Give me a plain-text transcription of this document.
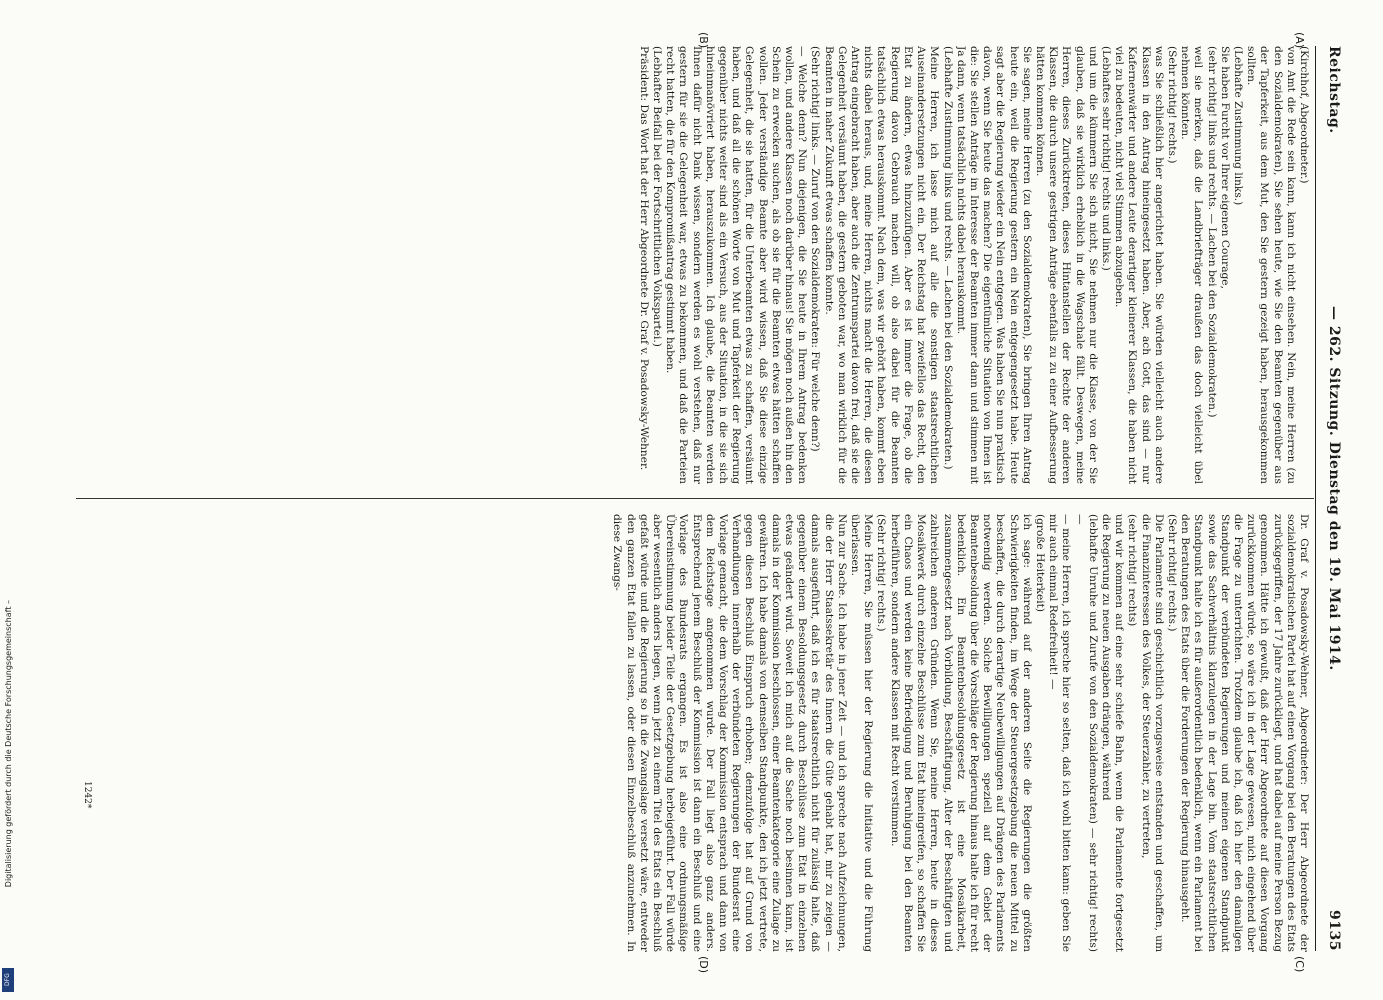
Reichstag.
— 262. Sitzung. Dienstag den 19. Mai 1914.
9135
(A)
(B)
(C)
(D)
(Kirchhof, Abgeordneter.)
von Amt die Rede sein kann, kann ich nicht einsehen. Nein, meine Herren (zu den Sozialdemokraten), Sie sehen heute, wie Sie den Beamten gegenüber aus der Tapferkeit, aus dem Mut, den Sie gestern gezeigt haben, herausgekommen sollten.
(Lebhafte Zustimmung links.)
Sie haben Furcht vor Ihrer eigenen Courage,
(sehr richtig! links und rechts. — Lachen bei den Sozialdemokraten.)
weil sie merken, daß die Landbriefträger draußen das doch vielleicht übel nehmen könnten.
(Sehr richtig! rechts.)
was Sie schließlich hier angerichtet haben. Sie würden vielleicht auch andere Klassen in den Antrag hineingesetzt haben. Aber, ach Gott, das sind — nur Kafernenwärter und andere Leute derartiger kleinerer Klassen, die haben nicht viel zu bedeuten, nicht viel Stimmen abzugeben.
(Lebhaftes sehr richtig! rechts und links.)
und um die kümmern Sie sich nicht, Sie nehmen nur die Klasse, von der Sie glauben, daß sie wirklich erheblich in die Wagschale fällt. Deswegen, meine Herren, dieses Zurücktreten, dieses Hintanstellen der Rechte der anderen Klassen, die durch unsere gestrigen Anträge ebenfalls zu zu einer Aufbesserung hätten kommen können.
Sie sagen, meine Herren (zu den Sozialdemokraten), Sie bringen Ihren Antrag heute ein, weil die Regierung gestern ein Nein entgegengesetzt habe. Heute sagt aber die Regierung wieder ein Nein entgegen. Was haben Sie nun praktisch davon, wenn Sie heute das machen? Die eigentümliche Situation von Ihnen ist die: Sie stellen Anträge im Interesse der Beamten immer dann und stimmen mit Ja dann, wenn tatsächlich nichts dabei herauskommt.
(Lebhafte Zustimmung links und rechts. — Lachen bei den Sozialdemokraten.)
Meine Herren, ich lasse mich auf alle die sonstigen staatsrechtlichen Auseinandersetzungen nicht ein. Der Reichstag hat zweifellos das Recht, den Etat zu ändern, etwas hinzuzufügen. Aber es ist immer die Frage, ob die Regierung davon Gebrauch machen will, ob also dabei für die Beamten tatsächlich etwas herauskommt. Nach dem, was wir gehört haben, kommt eben nichts dabei heraus, und, meine Herren, nichts macht die Herren, die diesen Antrag eingebracht haben, aber auch die Zentrumspartei davon frei, daß sie die Gelegenheit versäumt haben, die gestern geboten war, wo man wirklich für die Beamten in naher Zukunft etwas schaffen konnte.
(Sehr richtig! links. — Zuruf von den Sozialdemokraten: Für welche denn?)
— Welche denn? Nun diejenigen, die Sie heute in Ihrem Antrag bedenken wollen, und andere Klassen noch darüber hinaus! Sie mögen noch außen hin den Schein zu erwecken suchen, als ob sie für die Beamten etwas hätten schaffen wollen. Jeder verständige Beamte aber wird wissen, daß Sie diese einzige Gelegenheit, die sie hatten, für die Unterbeamten etwas zu schaffen, versäumt haben, und daß all die schönen Worte von Mut und Tapferkeit der Regierung gegenüber nichts weiter sind als ein Versuch, aus der Situation, in die sie sich hineinmanövriert haben, herauszukommen. Ich glaube, die Beamten werden Ihnen dafür nicht Dank wissen, sondern werden es wohl verstehen, daß nur gestern für sie die Gelegenheit war, etwas zu bekommen, und daß die Parteien recht hatten, die für den Kompromißantrag gestimmt haben.
(Lebhafter Beifall bei der Fortschrittlichen Volkspartei.)
Präsident: Das Wort hat der Herr Abgeordnete Dr. Graf v. Posadowsky-Wehner.
Dr. Graf v. Posadowsky-Wehner, Abgeordneter: Der Herr Abgeordnete der sozialdemokratischen Partei hat auf einen Vorgang bei den Beratungen des Etats zurückgegriffen, der 17 Jahre zurückliegt, und hat dabei auf meine Person Bezug genommen. Hätte ich gewußt, daß der Herr Abgeordnete auf diesen Vorgang zurückkommen würde, so wäre ich in der Lage gewesen, mich eingehend über die Frage zu unterrichten. Trotzdem glaube ich, daß ich hier den damaligen Standpunkt der verbündeten Regierungen und meinen eigenen Standpunkt sowie das Sachverhältnis klarzulegen in der Lage bin. Vom staatsrechtlichen Standpunkt halte ich es für außerordentlich bedenklich, wenn ein Parlament bei den Beratungen des Etats über die Forderungen der Regierung hinausgeht.
(Sehr richtig! rechts.)
Die Parlamente sind geschichtlich vorzugsweise entstanden und geschaffen, um die Finanzinteressen des Volkes, der Steuerzahler, zu vertreten,
(sehr richtig! rechts)
und wir kommen auf eine sehr schiefe Bahn, wenn die Parlamente fortgesetzt die Regierung zu neuen Ausgaben drängen, während
(lebhafte Unruhe und Zurufe von den Sozialdemokraten) — sehr richtig! rechts) —
— meine Herren, ich spreche hier so selten, daß ich wohl bitten kann: geben Sie mir auch einmal Redefreiheit! —
(große Heiterkeit)
ich sage: während auf der anderen Seite die Regierungen die größten Schwierigkeiten finden, im Wege der Steuergesetzgebung die neuen Mittel zu beschaffen, die durch derartige Neubewilligungen auf Drängen des Parlaments notwendig werden. Solche Bewilligungen speziell auf dem Gebiet der Beamtenbesoldung über die Vorschläge der Regierung hinaus halte ich für recht bedenklich. Ein Beamtenbesoldungsgesetz ist eine Mosaikarbeit, zusammengesetzt nach Vorbildung, Beschäftigung, Alter der Beschäftigten und zahlreichen anderen Gründen. Wenn Sie, meine Herren, heute in dieses Mosaikwerk durch einzelne Beschlüsse zum Etat hineingreifen, so schaffen Sie ein Chaos und werden keine Befriedigung und Beruhigung bei den Beamten herbeiführen, sondern andere Klassen mit Recht verstimmen.
(Sehr richtig! rechts.)
Meine Herren, Sie müssen hier der Regierung die Initiative und die Führung überlassen.
Nun zur Sache. Ich habe in jener Zeit — und ich spreche nach Aufzeichnungen, die der Herr Staatssekretär des Innern die Güte gehabt hat, mir zu zeigen — damals ausgeführt, daß ich es für staatsrechtlich nicht für zulässig halte, daß gegenüber einem Besoldungsgesetz durch Beschlüsse zum Etat in einzelnen etwas geändert wird. Soweit ich mich auf die Sache noch besinnen kann, ist damals in der Kommission beschlossen, einer Beamtenkategorie eine Zulage zu gewähren. Ich habe damals von demselben Standpunkte, den ich jetzt vertrete, gegen diesen Beschluß Einspruch erhoben; demzufolge hat auf Grund von Verhandlungen innerhalb der verbündeten Regierungen der Bundesrat eine Vorlage gemacht, die dem Vorschlag der Kommission entsprach und dann von dem Reichstage angenommen wurde. Der Fall liegt also ganz anders. Entsprechend jenem Beschluß der Kommission ist dann ein Beschluß und eine Vorlage des Bundesrats ergangen. Es ist also eine ordnungsmäßige Übereinstimmung beider Teile der Gesetzgebung herbeigeführt. Der Fall würde aber wesentlich anders liegen, wenn jetzt zu einem Titel des Etats ein Beschluß gefaßt würde und die Regierung so in die Zwangslage versetzt wäre, entweder den ganzen Etat fallen zu lassen, oder diesen Einzelbeschluß anzunehmen. In diese Zwangs-
1242*
Digitalisierung gefördert durch die Deutsche Forschungsgemeinschaft –
DFG
